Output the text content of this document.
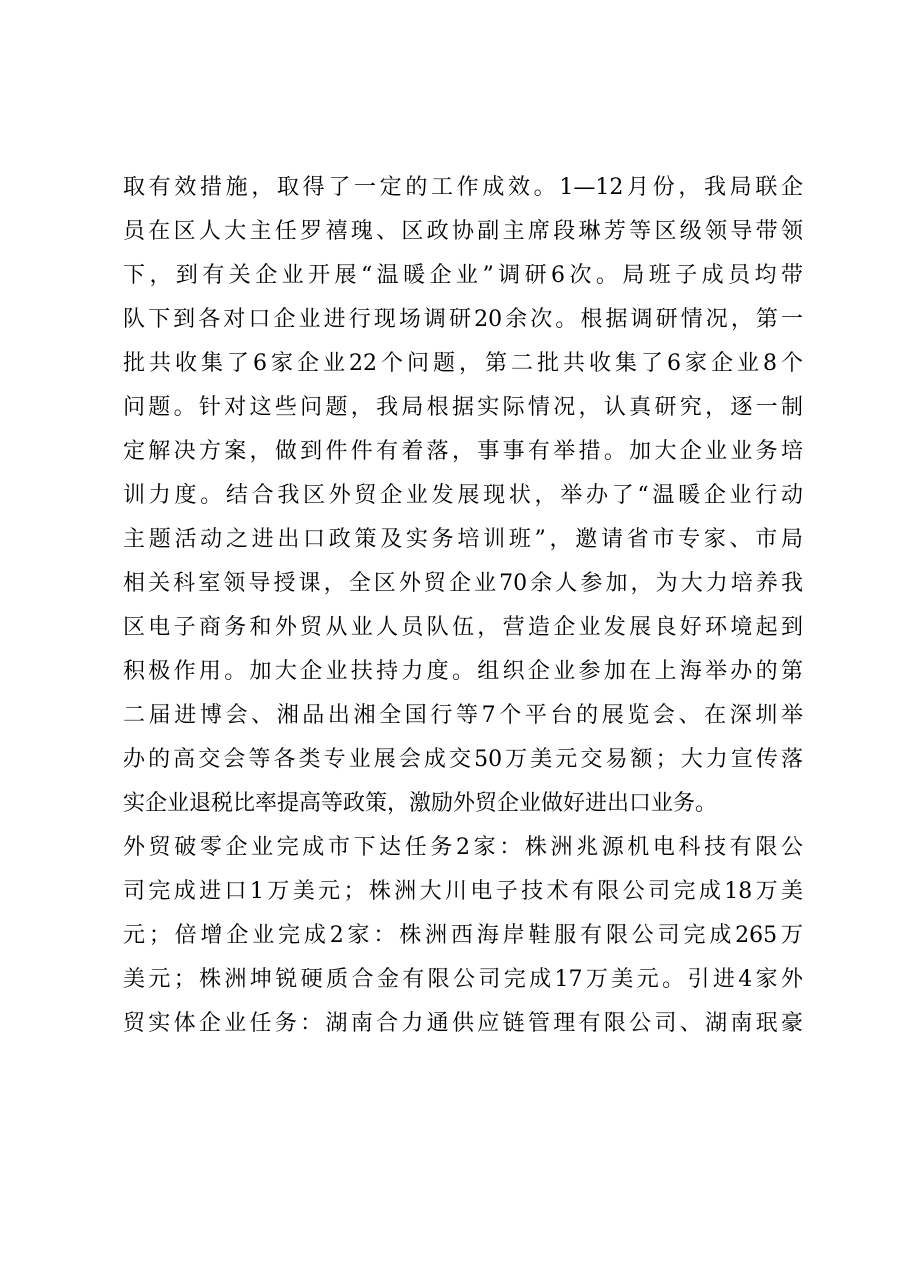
取有效措施，取得了一定的工作成效。1—12月份，我局联企
员在区人大主任罗禧瑰、区政协副主席段琳芳等区级领导带领
下，到有关企业开展“温暖企业”调研6次。局班子成员均带
队下到各对口企业进行现场调研20余次。根据调研情况，第一
批共收集了6家企业22个问题，第二批共收集了6家企业8个
问题。针对这些问题，我局根据实际情况，认真研究，逐一制
定解决方案，做到件件有着落，事事有举措。加大企业业务培
训力度。结合我区外贸企业发展现状，举办了“温暖企业行动
主题活动之进出口政策及实务培训班”，邀请省市专家、市局
相关科室领导授课，全区外贸企业70余人参加，为大力培养我
区电子商务和外贸从业人员队伍，营造企业发展良好环境起到
积极作用。加大企业扶持力度。组织企业参加在上海举办的第
二届进博会、湘品出湘全国行等7个平台的展览会、在深圳举
办的高交会等各类专业展会成交50万美元交易额；大力宣传落
实企业退税比率提高等政策，激励外贸企业做好进出口业务。
外贸破零企业完成市下达任务2家：株洲兆源机电科技有限公
司完成进口1万美元；株洲大川电子技术有限公司完成18万美
元；倍增企业完成2家：株洲西海岸鞋服有限公司完成265万
美元；株洲坤锐硬质合金有限公司完成17万美元。引进4家外
贸实体企业任务：湖南合力通供应链管理有限公司、湖南珉豪
